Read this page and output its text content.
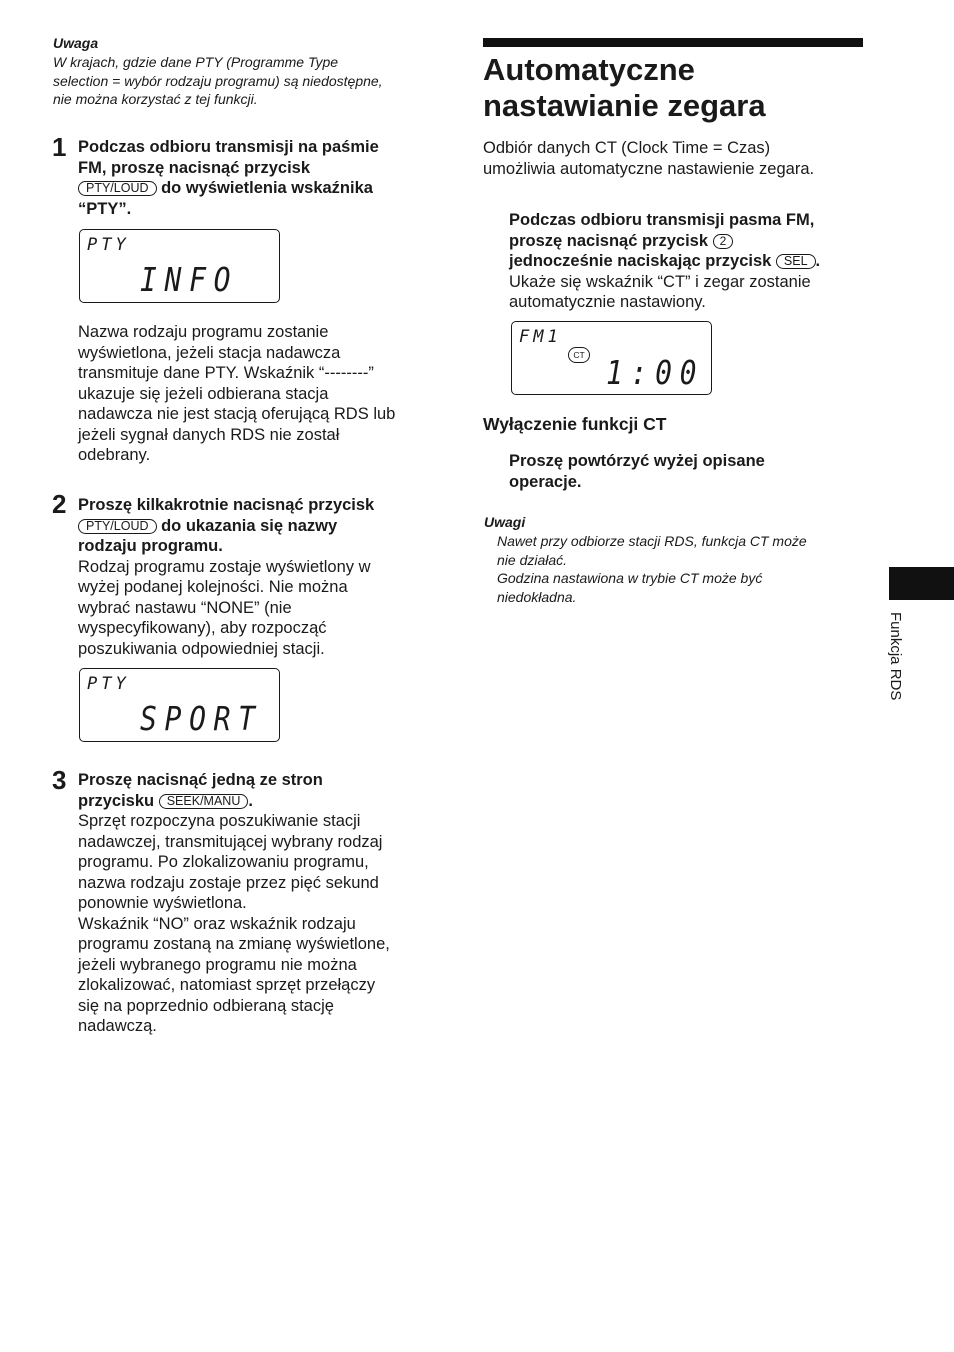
Uwaga
W krajach, gdzie dane PTY (Programme Type
selection = wybór rodzaju programu) są niedostępne,
nie można korzystać z tej funkcji.
1 Podczas odbioru transmisji na paśmie
FM, proszę nacisnąć przycisk
PTY/LOUD do wyświetlenia wskaźnika
“PTY”.
PTY
INFO
Nazwa rodzaju programu zostanie
wyświetlona, jeżeli stacja nadawcza
transmituje dane PTY. Wskaźnik “--------”
ukazuje się jeżeli odbierana stacja
nadawcza nie jest stacją oferującą RDS lub
jeżeli sygnał danych RDS nie został
odebrany.
2 Proszę kilkakrotnie nacisnąć przycisk
PTY/LOUD do ukazania się nazwy
rodzaju programu.
Rodzaj programu zostaje wyświetlony w
wyżej podanej kolejności. Nie można
wybrać nastawu “NONE” (nie
wyspecyfikowany), aby rozpocząć
poszukiwania odpowiedniej stacji.
PTY
SPORT
3 Proszę nacisnąć jedną ze stron
przycisku SEEK/MANU .
Sprzęt rozpoczyna poszukiwanie stacji
nadawczej, transmitującej wybrany rodzaj
programu. Po zlokalizowaniu programu,
nazwa rodzaju zostaje przez pięć sekund
ponownie wyświetlona.
Wskaźnik “NO” oraz wskaźnik rodzaju
programu zostaną na zmianę wyświetlone,
jeżeli wybranego programu nie można
zlokalizować, natomiast sprzęt przełączy
się na poprzednio odbieraną stację
nadawczą.
Automatyczne
nastawianie zegara
Odbiór danych CT (Clock Time = Czas)
umożliwia automatyczne nastawienie zegara.
Podczas odbioru transmisji pasma FM,
proszę nacisnąć przycisk 2
jednocześnie naciskając przycisk SEL .
Ukaże się wskaźnik “CT” i zegar zostanie
automatycznie nastawiony.
FM1
CT 1:00
Wyłączenie funkcji CT
Proszę powtórzyć wyżej opisane
operacje.
Uwagi
Nawet przy odbiorze stacji RDS, funkcja CT może
nie działać.
Godzina nastawiona w trybie CT może być
niedokładna.
Funkcja RDS
